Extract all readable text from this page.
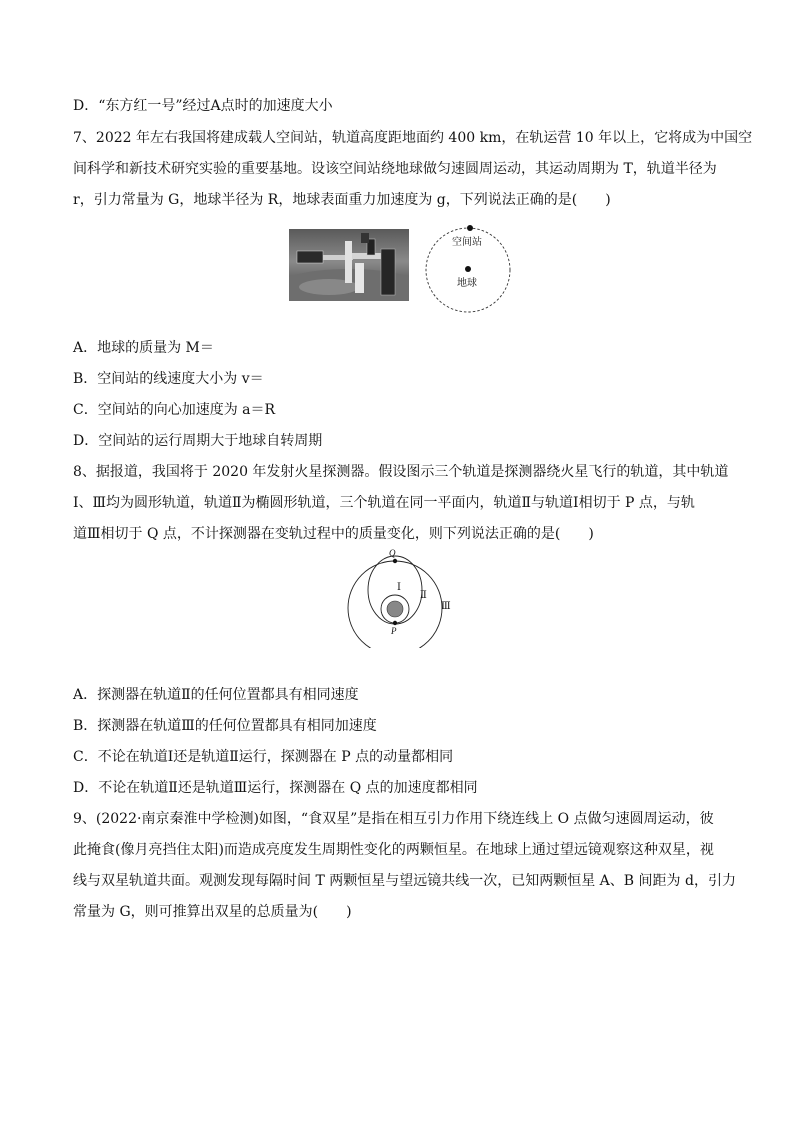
D．“东方红一号”经过A点时的加速度大小
7、2022 年左右我国将建成载人空间站，轨道高度距地面约 400 km，在轨运营 10 年以上，它将成为中国空
间科学和新技术研究实验的重要基地。设该空间站绕地球做匀速圆周运动，其运动周期为 T，轨道半径为
r，引力常量为 G，地球半径为 R，地球表面重力加速度为 g，下列说法正确的是(　　)
空间站
地球
A．地球的质量为 M＝
B．空间站的线速度大小为 v＝
C．空间站的向心加速度为 a＝R
D．空间站的运行周期大于地球自转周期
8、据报道，我国将于 2020 年发射火星探测器。假设图示三个轨道是探测器绕火星飞行的轨道，其中轨道
Ⅰ、Ⅲ均为圆形轨道，轨道Ⅱ为椭圆形轨道，三个轨道在同一平面内，轨道Ⅱ与轨道Ⅰ相切于 P 点，与轨
道Ⅲ相切于 Q 点，不计探测器在变轨过程中的质量变化，则下列说法正确的是(　　)
Q
P
Ⅰ
Ⅱ
Ⅲ
A．探测器在轨道Ⅱ的任何位置都具有相同速度
B．探测器在轨道Ⅲ的任何位置都具有相同加速度
C．不论在轨道Ⅰ还是轨道Ⅱ运行，探测器在 P 点的动量都相同
D．不论在轨道Ⅱ还是轨道Ⅲ运行，探测器在 Q 点的加速度都相同
9、(2022·南京秦淮中学检测)如图，“食双星”是指在相互引力作用下绕连线上 O 点做匀速圆周运动，彼
此掩食(像月亮挡住太阳)而造成亮度发生周期性变化的两颗恒星。在地球上通过望远镜观察这种双星，视
线与双星轨道共面。观测发现每隔时间 T 两颗恒星与望远镜共线一次，已知两颗恒星 A、B 间距为 d，引力
常量为 G，则可推算出双星的总质量为(　　)
